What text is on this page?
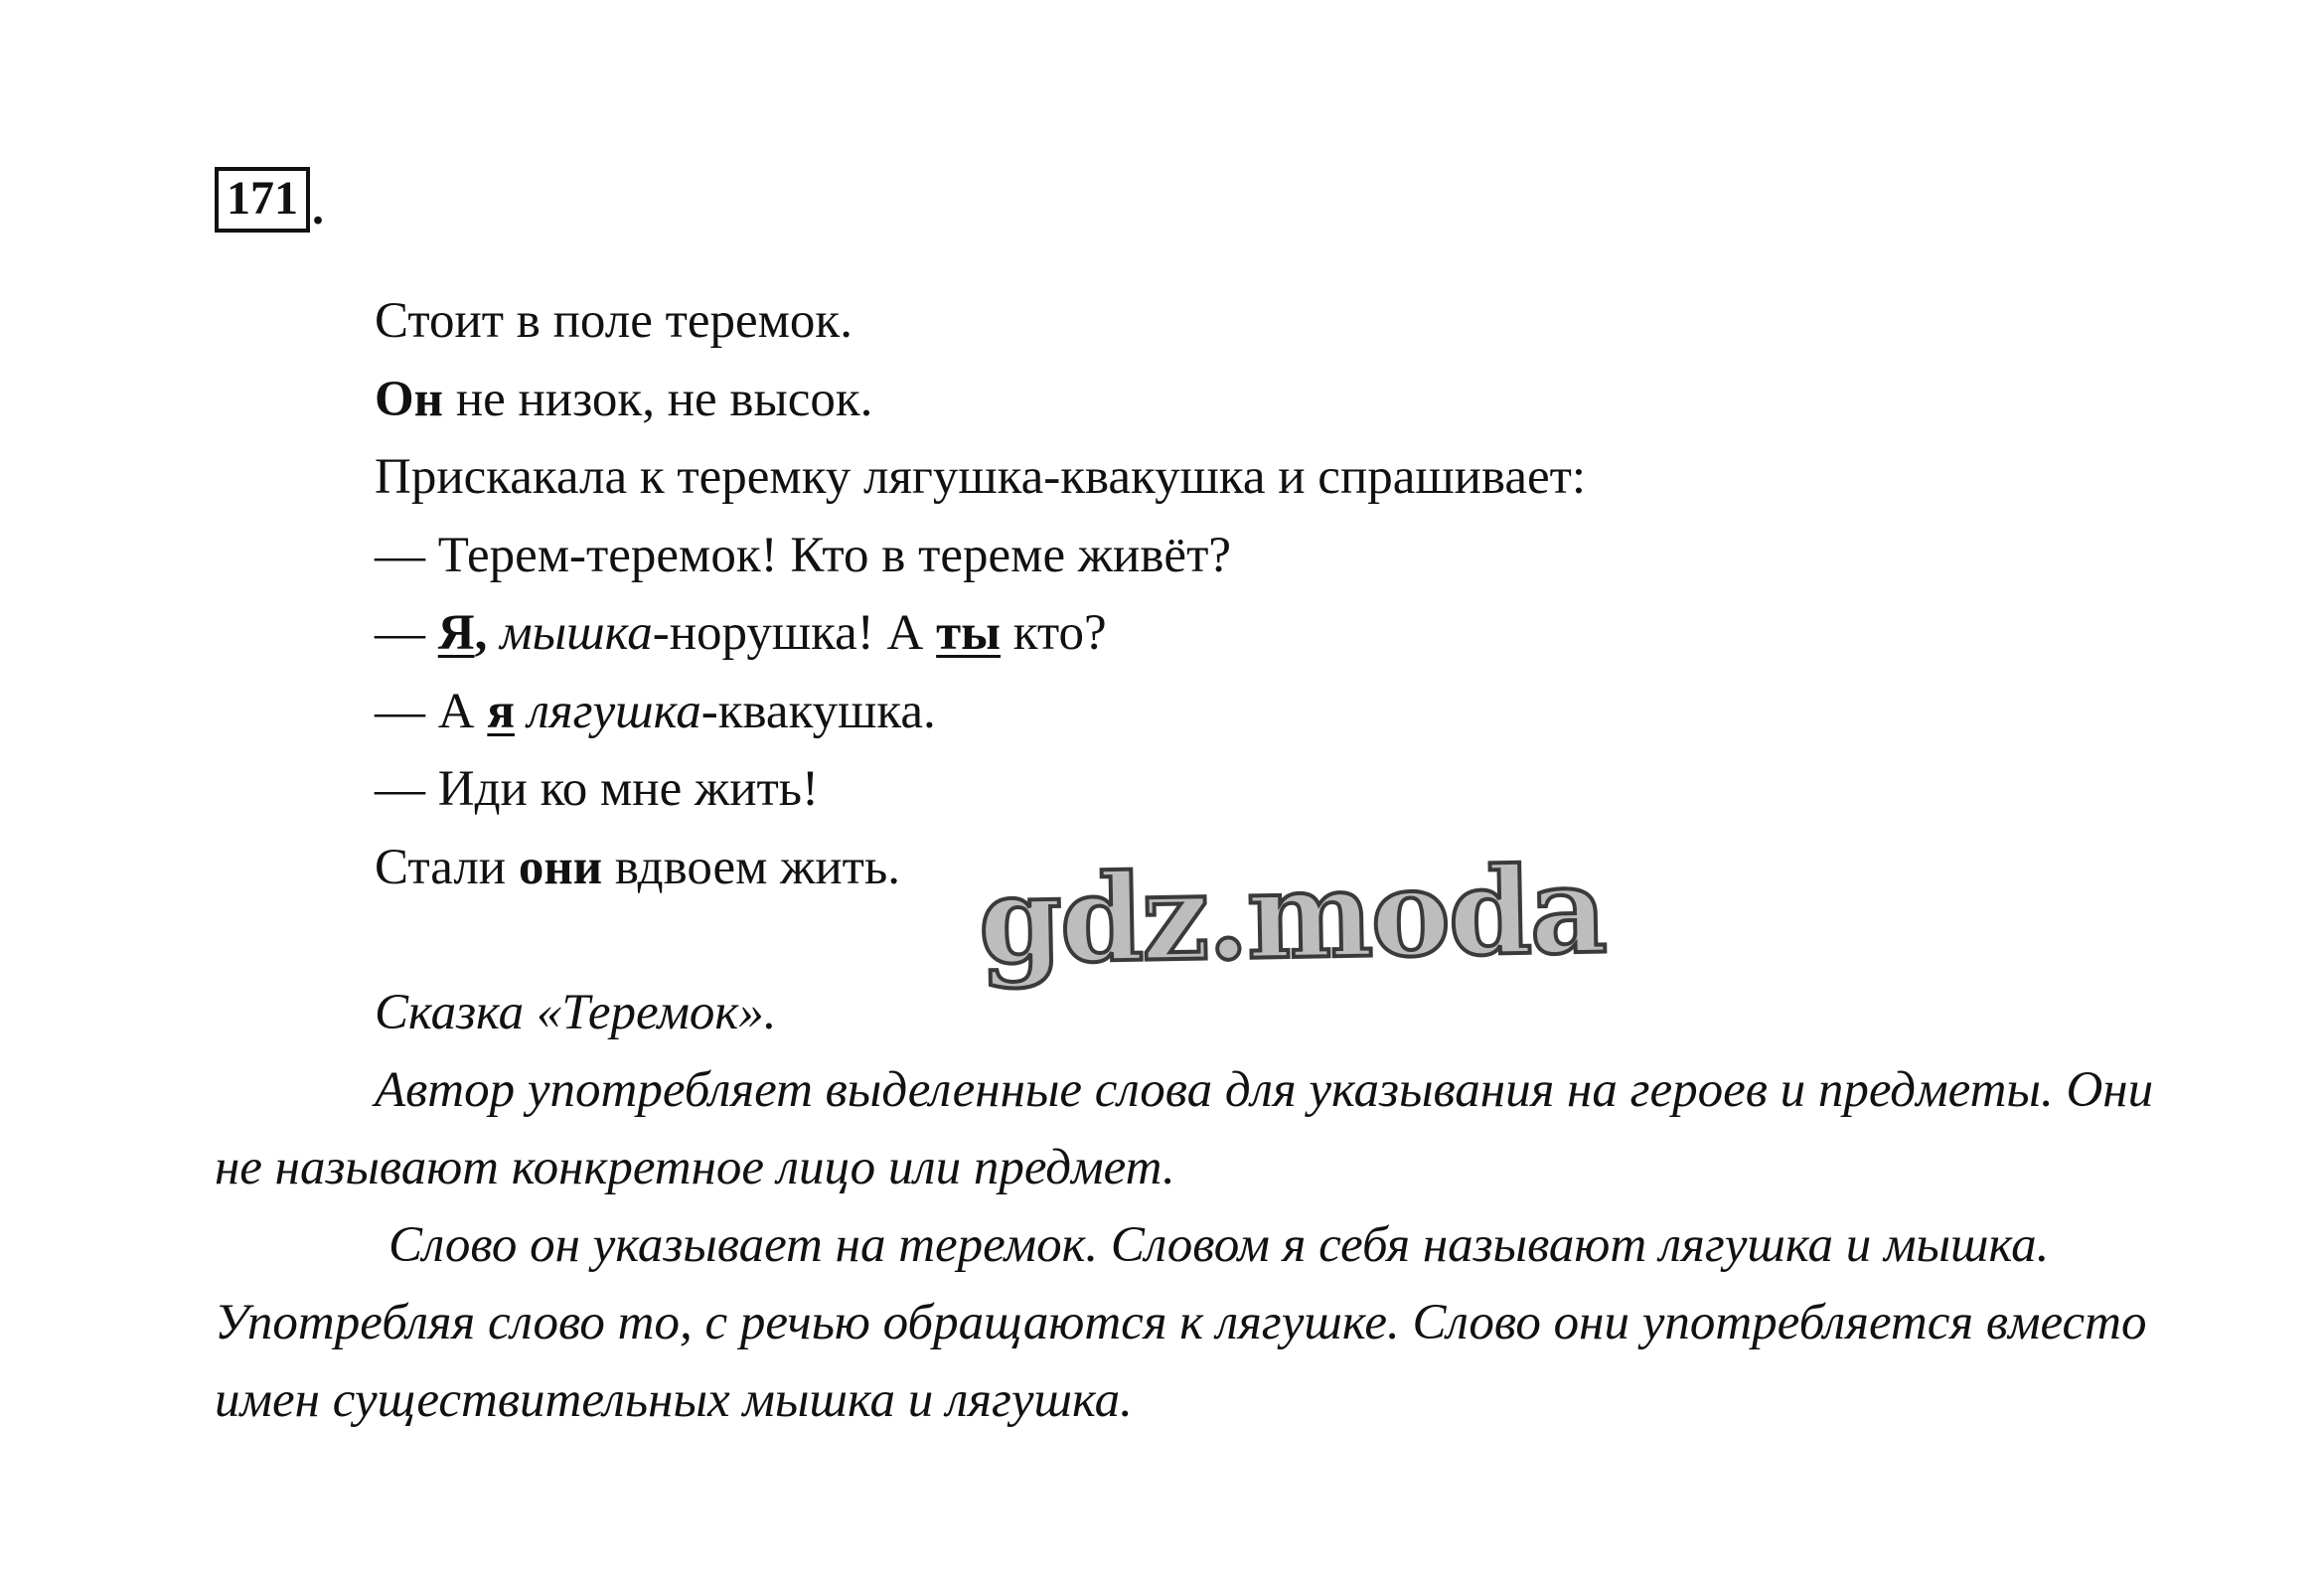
171 .
Стоит в поле теремок.
Он не низок, не высок.
Прискакала к теремку лягушка-квакушка и спрашивает:
— Терем-теремок! Кто в тереме живёт?
— Я, мышка-норушка! А ты кто?
— А я лягушка-квакушка.
— Иди ко мне жить!
Стали они вдвоем жить. gdz.moda

Сказка «Теремок».

Автор употребляет выделенные слова для указывания на героев и предметы. Они не называют конкретное лицо или предмет.

Слово он указывает на теремок. Словом я себя называют лягушка и мышка. Употребляя слово то, с речью обращаются к лягушке. Слово они употребляется вместо имен существительных мышка и лягушка.
